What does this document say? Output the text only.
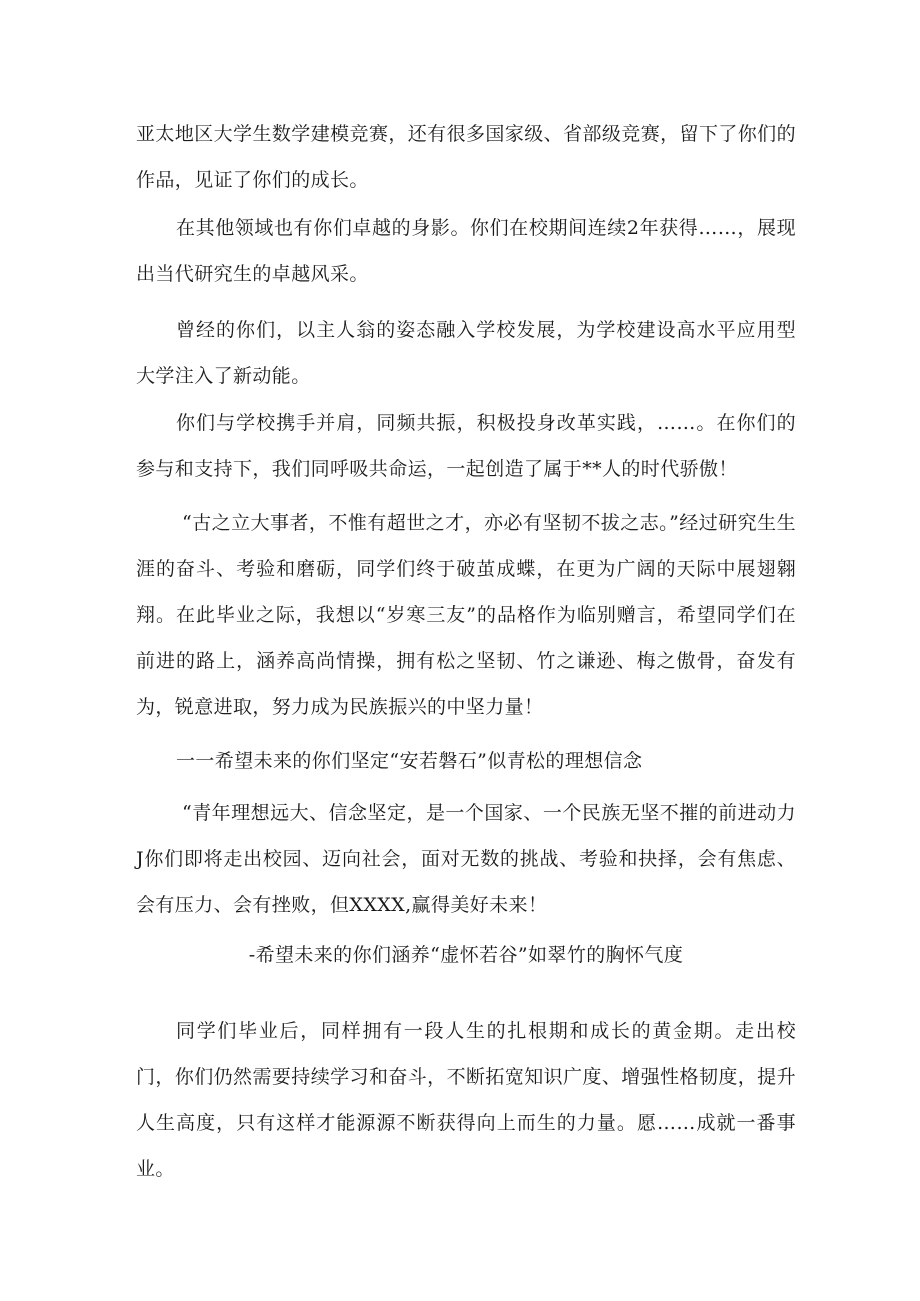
亚太地区大学生数学建模竞赛，还有很多国家级、省部级竞赛，留下了你们的作品，见证了你们的成长。

在其他领域也有你们卓越的身影。你们在校期间连续2年获得……，展现出当代研究生的卓越风采。

曾经的你们，以主人翁的姿态融入学校发展，为学校建设高水平应用型大学注入了新动能。

你们与学校携手并肩，同频共振，积极投身改革实践，……。在你们的参与和支持下，我们同呼吸共命运，一起创造了属于**人的时代骄傲！

“古之立大事者，不惟有超世之才，亦必有坚韧不拔之志。”经过研究生生涯的奋斗、考验和磨砺，同学们终于破茧成蝶，在更为广阔的天际中展翅翱翔。在此毕业之际，我想以“岁寒三友”的品格作为临别赠言，希望同学们在前进的路上，涵养高尚情操，拥有松之坚韧、竹之谦逊、梅之傲骨，奋发有为，锐意进取，努力成为民族振兴的中坚力量！

一一希望未来的你们坚定“安若磐石”似青松的理想信念

“青年理想远大、信念坚定，是一个国家、一个民族无坚不摧的前进动力J你们即将走出校园、迈向社会，面对无数的挑战、考验和抉择，会有焦虑、会有压力、会有挫败，但XXXX,赢得美好未来！

-希望未来的你们涵养“虚怀若谷”如翠竹的胸怀气度

同学们毕业后，同样拥有一段人生的扎根期和成长的黄金期。走出校门，你们仍然需要持续学习和奋斗，不断拓宽知识广度、增强性格韧度，提升人生高度，只有这样才能源源不断获得向上而生的力量。愿……成就一番事业。
